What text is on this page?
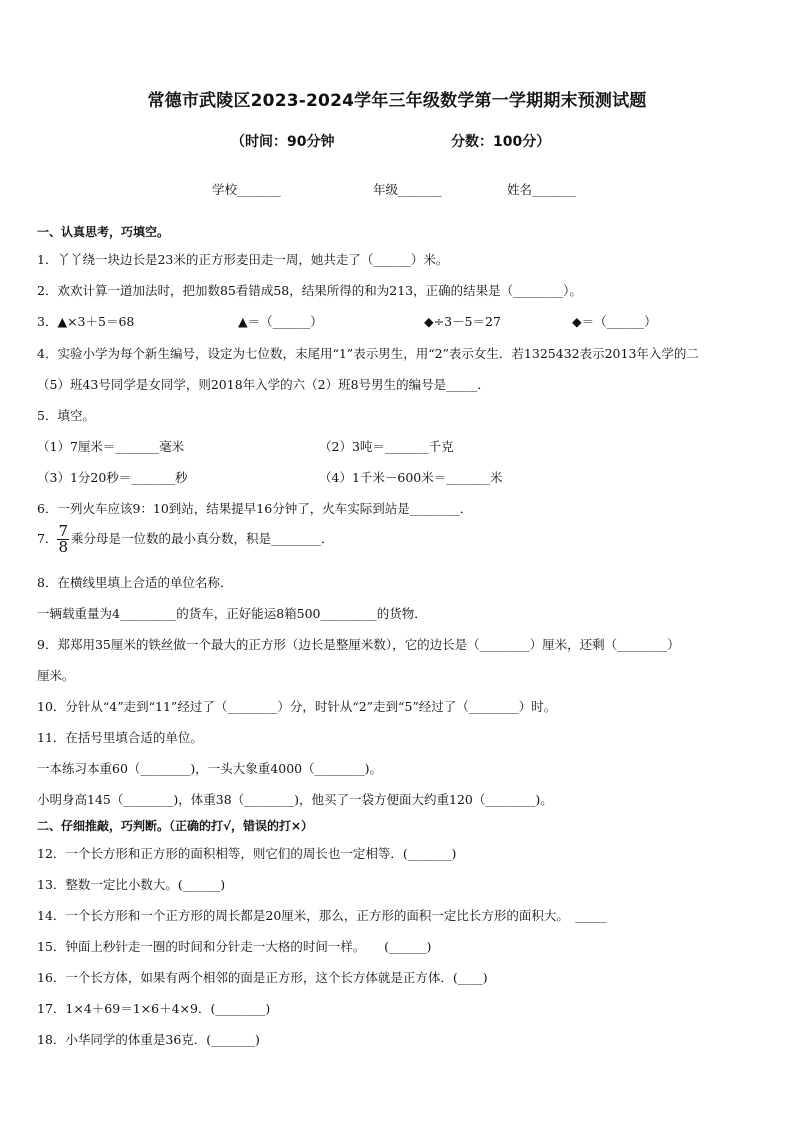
常德市武陵区2023-2024学年三年级数学第一学期期末预测试题
（时间：90分钟	分数：100分）
学校_______	年级_______	姓名_______
一、认真思考，巧填空。
1．丫丫绕一块边长是23米的正方形麦田走一周，她共走了（______）米。
2．欢欢计算一道加法时，把加数85看错成58，结果所得的和为213，正确的结果是（________）。
3．▲×3＋5＝68	▲＝（______）	◆÷3－5＝27	◆＝（______）
4．实验小学为每个新生编号，设定为七位数，末尾用“1”表示男生，用“2”表示女生．若1325432表示2013年入学的二
（5）班43号同学是女同学，则2018年入学的六（2）班8号男生的编号是_____．
5．填空。
（1）7厘米＝_______毫米	（2）3吨＝_______千克
（3）1分20秒＝_______秒	（4）1千米－600米＝_______米
6．一列火车应该9：10到站，结果提早16分钟了，火车实际到站是________．
7． $\frac{7}{8}$ 乘分母是一位数的最小真分数，积是________．
8．在横线里填上合适的单位名称．
一辆载重量为4_________的货车，正好能运8箱500_________的货物．
9．郑郑用35厘米的铁丝做一个最大的正方形（边长是整厘米数），它的边长是（________）厘米，还剩（________）
厘米。
10．分针从“4”走到“11”经过了（________）分，时针从“2”走到“5”经过了（________）时。
11．在括号里填合适的单位。
一本练习本重60（________)，一头大象重4000（________)。
小明身高145（________)，体重38（________)，他买了一袋方便面大约重120（________)。
二、仔细推敲，巧判断。（正确的打√，错误的打×）
12．一个长方形和正方形的面积相等，则它们的周长也一定相等．(_______)
13．整数一定比小数大。(______)
14．一个长方形和一个正方形的周长都是20厘米，那么，正方形的面积一定比长方形的面积大。　_____
15．钟面上秒针走一圈的时间和分针走一大格的时间一样。　　(______)
16．一个长方体，如果有两个相邻的面是正方形，这个长方体就是正方体．(____)
17．1×4＋69＝1×6＋4×9．(________)
18．小华同学的体重是36克．(_______)
